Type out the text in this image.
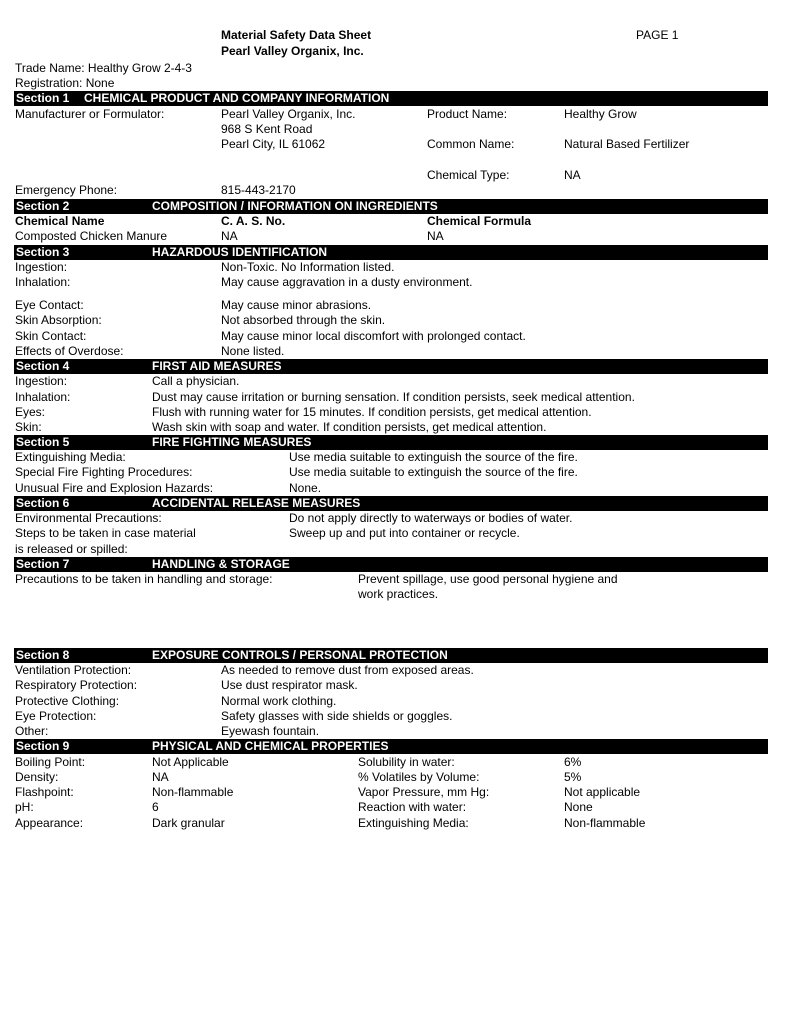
Material Safety Data Sheet
Pearl Valley Organix, Inc.
PAGE 1
Trade Name: Healthy Grow 2-4-3
Registration: None
Section 1 CHEMICAL PRODUCT AND COMPANY INFORMATION
Manufacturer or Formulator:	Pearl Valley Organix, Inc.
968 S Kent Road
Pearl City, IL 61062
Product Name:	Healthy Grow
Common Name:	Natural Based Fertilizer
Chemical Type:	NA
Emergency Phone:	815-443-2170
Section 2	COMPOSITION / INFORMATION ON INGREDIENTS
Chemical Name	C. A. S. No.	Chemical Formula
Composted Chicken Manure	NA	NA
Section 3	HAZARDOUS IDENTIFICATION
Ingestion:	Non-Toxic. No Information listed.
Inhalation:	May cause aggravation in a dusty environment.
Eye Contact:	May cause minor abrasions.
Skin Absorption:	Not absorbed through the skin.
Skin Contact:	May cause minor local discomfort with prolonged contact.
Effects of Overdose:	None listed.
Section 4	FIRST AID MEASURES
Ingestion:	Call a physician.
Inhalation:	Dust may cause irritation or burning sensation. If condition persists, seek medical attention.
Eyes:	Flush with running water for 15 minutes. If condition persists, get medical attention.
Skin:	Wash skin with soap and water. If condition persists, get medical attention.
Section 5	FIRE FIGHTING MEASURES
Extinguishing Media:	Use media suitable to extinguish the source of the fire.
Special Fire Fighting Procedures:	Use media suitable to extinguish the source of the fire.
Unusual Fire and Explosion Hazards:	None.
Section 6	ACCIDENTAL RELEASE MEASURES
Environmental Precautions:	Do not apply directly to waterways or bodies of water.
Steps to be taken in case material
is released or spilled:
Sweep up and put into container or recycle.
Section 7	HANDLING & STORAGE
Precautions to be taken in handling and storage:	Prevent spillage, use good personal hygiene and
work practices.
Section 8	EXPOSURE CONTROLS / PERSONAL PROTECTION
Ventilation Protection:	As needed to remove dust from exposed areas.
Respiratory Protection:	Use dust respirator mask.
Protective Clothing:	Normal work clothing.
Eye Protection:	Safety glasses with side shields or goggles.
Other:	Eyewash fountain.
Section 9	PHYSICAL AND CHEMICAL PROPERTIES
Boiling Point:	Not Applicable	Solubility in water:	6%
Density:	NA	% Volatiles by Volume:	5%
Flashpoint:	Non-flammable	Vapor Pressure, mm Hg:	Not applicable
pH:	6	Reaction with water:	None
Appearance:	Dark granular	Extinguishing Media:	Non-flammable
